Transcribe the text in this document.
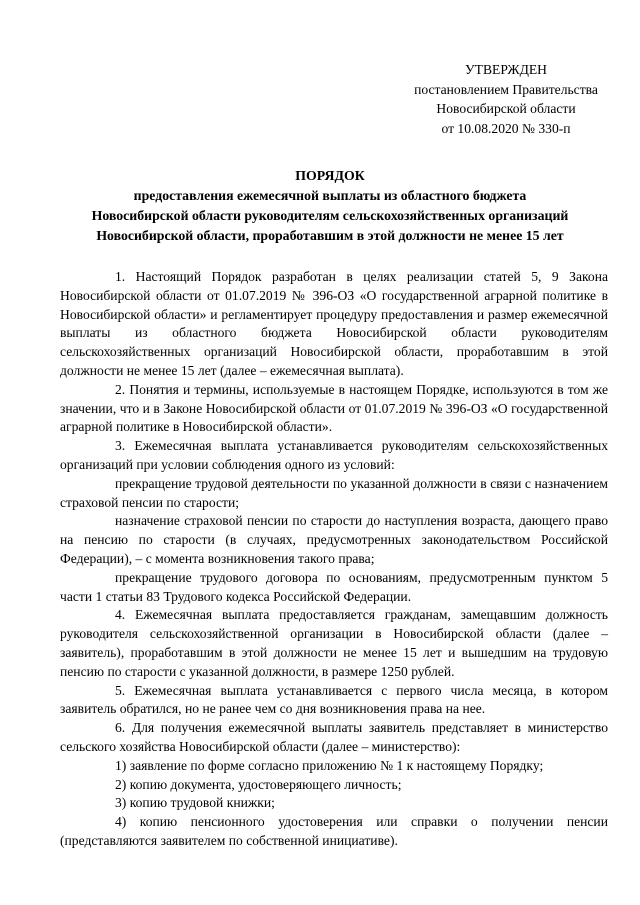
УТВЕРЖДЕН
постановлением Правительства
Новосибирской области
от 10.08.2020 № 330-п
ПОРЯДОК
предоставления ежемесячной выплаты из областного бюджета
Новосибирской области руководителям сельскохозяйственных организаций
Новосибирской области, проработавшим в этой должности не менее 15 лет

1. Настоящий Порядок разработан в целях реализации статей 5, 9 Закона Новосибирской области от 01.07.2019 № 396-ОЗ «О государственной аграрной политике в Новосибирской области» и регламентирует процедуру предоставления и размер ежемесячной выплаты из областного бюджета Новосибирской области руководителям сельскохозяйственных организаций Новосибирской области, проработавшим в этой должности не менее 15 лет (далее – ежемесячная выплата).

2. Понятия и термины, используемые в настоящем Порядке, используются в том же значении, что и в Законе Новосибирской области от 01.07.2019 № 396-ОЗ «О государственной аграрной политике в Новосибирской области».

3. Ежемесячная выплата устанавливается руководителям сельскохозяйственных организаций при условии соблюдения одного из условий:

прекращение трудовой деятельности по указанной должности в связи с назначением страховой пенсии по старости;

назначение страховой пенсии по старости до наступления возраста, дающего право на пенсию по старости (в случаях, предусмотренных законодательством Российской Федерации), – с момента возникновения такого права;

прекращение трудового договора по основаниям, предусмотренным пунктом 5 части 1 статьи 83 Трудового кодекса Российской Федерации.

4. Ежемесячная выплата предоставляется гражданам, замещавшим должность руководителя сельскохозяйственной организации в Новосибирской области (далее – заявитель), проработавшим в этой должности не менее 15 лет и вышедшим на трудовую пенсию по старости с указанной должности, в размере 1250 рублей.

5. Ежемесячная выплата устанавливается с первого числа месяца, в котором заявитель обратился, но не ранее чем со дня возникновения права на нее.

6. Для получения ежемесячной выплаты заявитель представляет в министерство сельского хозяйства Новосибирской области (далее – министерство):

1) заявление по форме согласно приложению № 1 к настоящему Порядку;

2) копию документа, удостоверяющего личность;

3) копию трудовой книжки;

4) копию пенсионного удостоверения или справки о получении пенсии (представляются заявителем по собственной инициативе).
